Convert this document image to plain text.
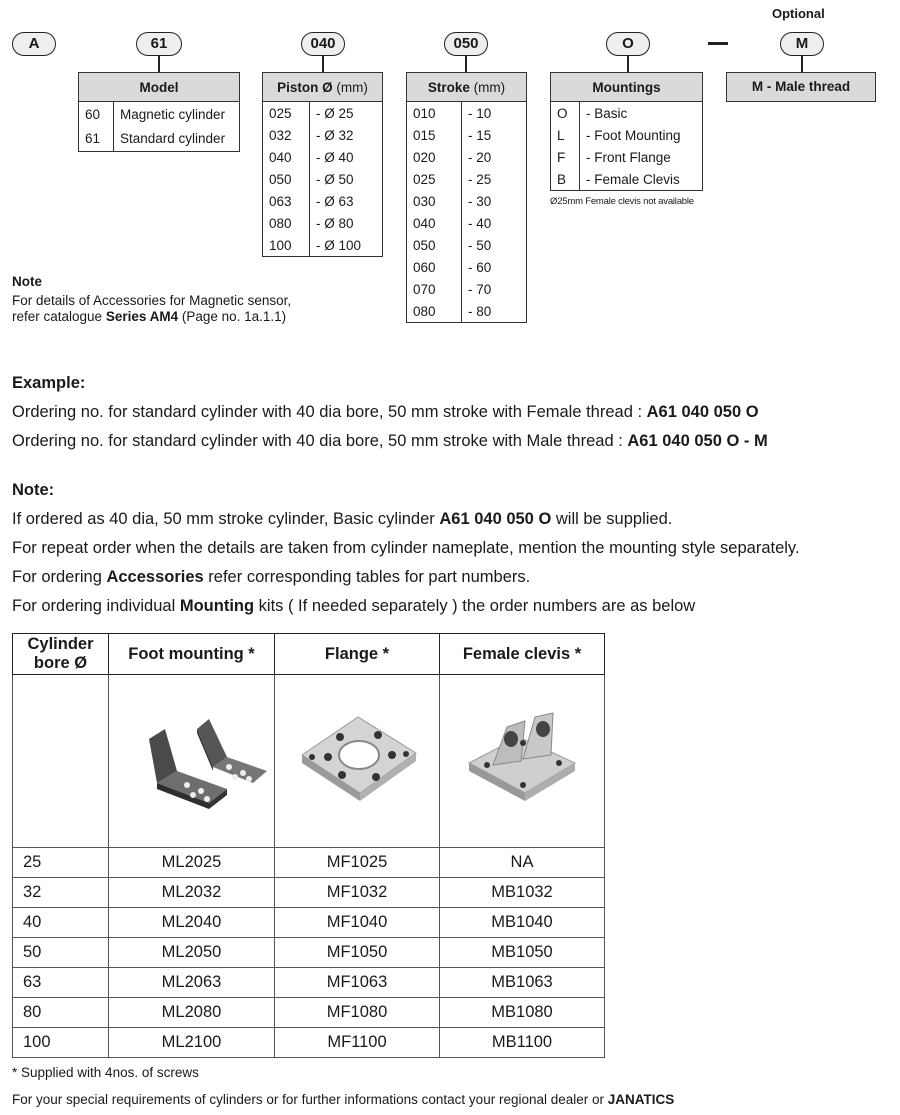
Optional
A	61	040	050	O	M
Model	
60	Magnetic cylinder
61	Standard cylinder
Piston Ø (mm)	
025	- Ø 25
032	- Ø 32
040	- Ø 40
050	- Ø 50
063	- Ø 63
080	- Ø 80
100	- Ø 100
Stroke (mm)	
010	- 10
015	- 15
020	- 20
025	- 25
030	- 30
040	- 40
050	- 50
060	- 60
070	- 70
080	- 80
Mountings	
O	- Basic
L	- Foot Mounting
F	- Front Flange
B	- Female Clevis
Ø25mm Female clevis not available
M - Male thread
Note
For details of Accessories for Magnetic sensor,
refer catalogue Series AM4 (Page no. 1a.1.1)
Example:
Ordering no. for standard cylinder with 40 dia bore, 50 mm stroke with Female thread : A61 040 050 O
Ordering no. for standard cylinder with 40 dia bore, 50 mm stroke with Male thread : A61 040 050 O - M
Note:
If ordered as 40 dia, 50 mm stroke cylinder, Basic cylinder A61 040 050 O will be supplied.
For repeat order when the details are taken from cylinder nameplate, mention the mounting style separately.
For ordering Accessories refer corresponding tables for part numbers.
For ordering individual Mounting kits ( If needed separately ) the order numbers are as below
Cylinder
bore Ø	Foot mounting *	Flange *	Female clevis *

25	ML2025	MF1025	NA
32	ML2032	MF1032	MB1032
40	ML2040	MF1040	MB1040
50	ML2050	MF1050	MB1050
63	ML2063	MF1063	MB1063
80	ML2080	MF1080	MB1080
100	ML2100	MF1100	MB1100
* Supplied with 4nos. of screws
For your special requirements of cylinders or for further informations contact your regional dealer or JANATICS
